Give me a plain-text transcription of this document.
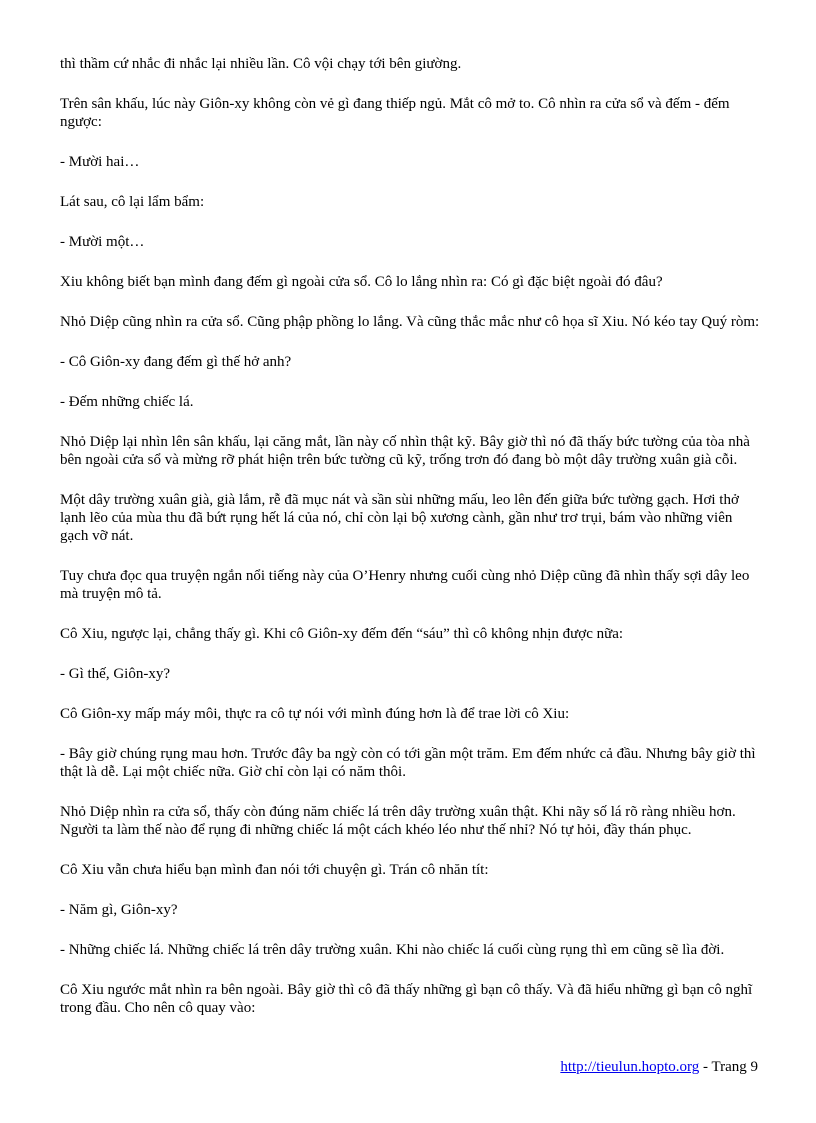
thì thầm cứ nhắc đi nhắc lại nhiều lần. Cô vội chạy tới bên giường.

Trên sân khấu, lúc này Giôn-xy không còn vẻ gì đang thiếp ngủ. Mắt cô mở to. Cô nhìn ra cửa sổ và đếm - đếm ngược:

- Mười hai…

Lát sau, cô lại lẩm bẩm:

- Mười một…

Xiu không biết bạn mình đang đếm gì ngoài cửa sổ. Cô lo lắng nhìn ra: Có gì đặc biệt ngoài đó đâu?

Nhỏ Diệp cũng nhìn ra cửa sổ. Cũng phập phồng lo lắng. Và cũng thắc mắc như cô họa sĩ Xiu. Nó kéo tay Quý ròm:

- Cô Giôn-xy đang đếm gì thế hở anh?

- Đếm những chiếc lá.

Nhỏ Diệp lại nhìn lên sân khấu, lại căng mắt, lần này cố nhìn thật kỹ. Bây giờ thì nó đã thấy bức tường của tòa nhà bên ngoài cửa sổ và mừng rỡ phát hiện trên bức tường cũ kỹ, trống trơn đó đang bò một dây trường xuân già cỗi.

Một dây trường xuân già, già lắm, rễ đã mục nát và sần sùi những mấu, leo lên đến giữa bức tường gạch. Hơi thở lạnh lẽo của mùa thu đã bứt rụng hết lá của nó, chỉ còn lại bộ xương cành, gần như trơ trụi, bám vào những viên gạch vỡ nát.

Tuy chưa đọc qua truyện ngắn nổi tiếng này của O’Henry nhưng cuối cùng nhỏ Diệp cũng đã nhìn thấy sợi dây leo mà truyện mô tả.

Cô Xiu, ngược lại, chẳng thấy gì. Khi cô Giôn-xy đếm đến “sáu” thì cô không nhịn được nữa:

- Gì thế, Giôn-xy?

Cô Giôn-xy mấp máy môi, thực ra cô tự nói với mình đúng hơn là để trae lời cô Xiu:

- Bây giờ chúng rụng mau hơn. Trước đây ba ngỳ còn có tới gần một trăm. Em đếm nhức cả đầu. Nhưng bây giờ thì thật là dễ. Lại một chiếc nữa. Giờ chỉ còn lại có năm thôi.

Nhỏ Diệp nhìn ra cửa sổ, thấy còn đúng năm chiếc lá trên dây trường xuân thật. Khi nãy số lá rõ ràng nhiều hơn. Người ta làm thế nào để rụng đi những chiếc lá một cách khéo léo như thế nhỉ? Nó tự hỏi, đầy thán phục.

Cô Xiu vẫn chưa hiểu bạn mình đan nói tới chuyện gì. Trán cô nhăn tít:

- Năm gì, Giôn-xy?

- Những chiếc lá. Những chiếc lá trên dây trường xuân. Khi nào chiếc lá cuối cùng rụng thì em cũng sẽ lìa đời.

Cô Xiu ngước mắt nhìn ra bên ngoài. Bây giờ thì cô đã thấy những gì bạn cô thấy. Và đã hiểu những gì bạn cô nghĩ trong đầu. Cho nên cô quay vào:

http://tieulun.hopto.org - Trang 9
